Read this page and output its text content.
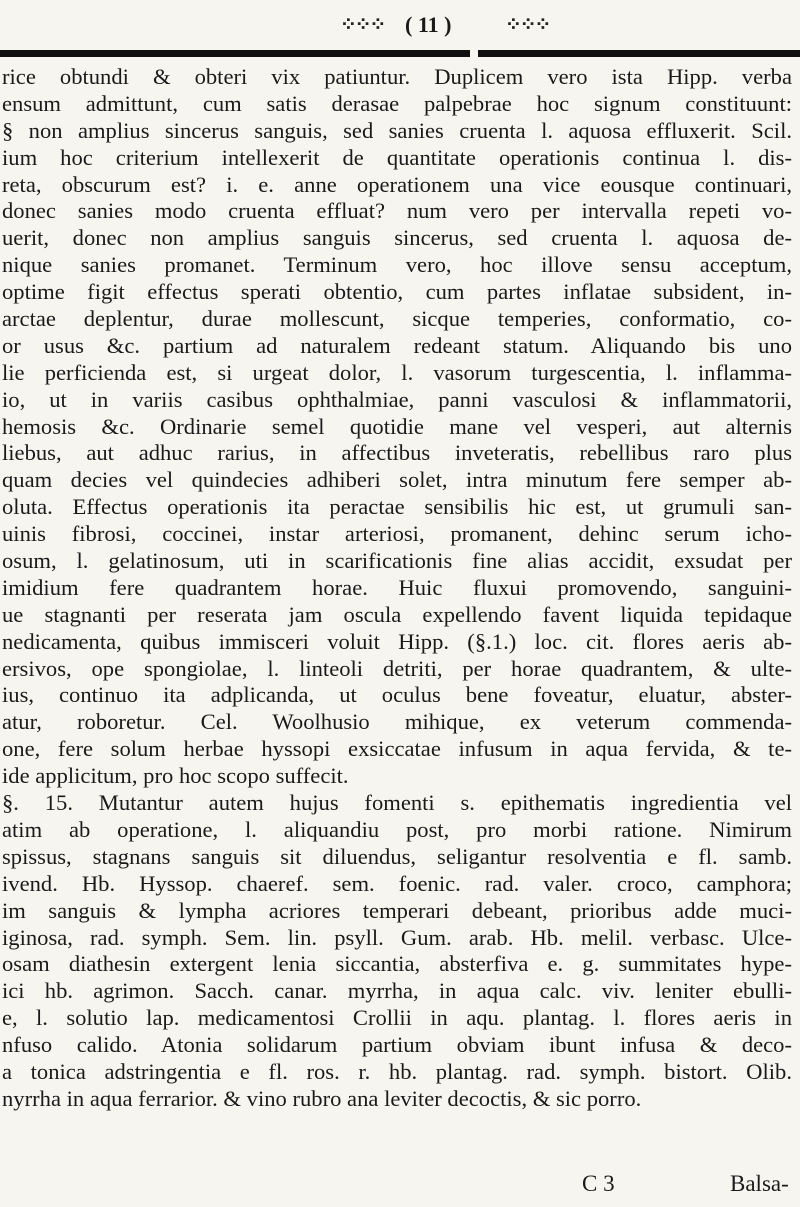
⁘⁘⁘ ( 11 )	⁘⁘⁘
rice obtundi & obteri vix patiuntur. Duplicem vero ista Hipp. verba
ensum admittunt, cum satis derasae palpebrae hoc signum constituunt:
§ non amplius sincerus sanguis, sed sanies cruenta l. aquosa effluxerit. Scil.
ium hoc criterium intellexerit de quantitate operationis continua l. dis-
reta, obscurum est? i. e. anne operationem una vice eousque continuari,
donec sanies modo cruenta effluat? num vero per intervalla repeti vo-
uerit, donec non amplius sanguis sincerus, sed cruenta l. aquosa de-
nique sanies promanet. Terminum vero, hoc illove sensu acceptum,
optime figit effectus sperati obtentio, cum partes inflatae subsident, in-
arctae deplentur, durae mollescunt, sicque temperies, conformatio, co-
or usus &c. partium ad naturalem redeant statum. Aliquando bis uno
lie perficienda est, si urgeat dolor, l. vasorum turgescentia, l. inflamma-
io, ut in variis casibus ophthalmiae, panni vasculosi & inflammatorii,
hemosis &c. Ordinarie semel quotidie mane vel vesperi, aut alternis
liebus, aut adhuc rarius, in affectibus inveteratis, rebellibus raro plus
quam decies vel quindecies adhiberi solet, intra minutum fere semper ab-
oluta. Effectus operationis ita peractae sensibilis hic est, ut grumuli san-
uinis fibrosi, coccinei, instar arteriosi, promanent, dehinc serum icho-
osum, l. gelatinosum, uti in scarificationis fine alias accidit, exsudat per
imidium fere quadrantem horae. Huic fluxui promovendo, sanguini-
ue stagnanti per reserata jam oscula expellendo favent liquida tepidaque
nedicamenta, quibus immisceri voluit Hipp. (§.1.) loc. cit. flores aeris ab-
ersivos, ope spongiolae, l. linteoli detriti, per horae quadrantem, & ulte-
ius, continuo ita adplicanda, ut oculus bene foveatur, eluatur, abster-
atur, roboretur. Cel. Woolhusio mihique, ex veterum commenda-
one, fere solum herbae hyssopi exsiccatae infusum in aqua fervida, & te-
ide applicitum, pro hoc scopo suffecit.
§. 15. Mutantur autem hujus fomenti s. epithematis ingredientia vel
atim ab operatione, l. aliquandiu post, pro morbi ratione. Nimirum
spissus, stagnans sanguis sit diluendus, seligantur resolventia e fl. samb.
ivend. Hb. Hyssop. chaeref. sem. foenic. rad. valer. croco, camphora;
im sanguis & lympha acriores temperari debeant, prioribus adde muci-
iginosa, rad. symph. Sem. lin. psyll. Gum. arab. Hb. melil. verbasc. Ulce-
osam diathesin extergent lenia siccantia, absterfiva e. g. summitates hype-
ici hb. agrimon. Sacch. canar. myrrha, in aqua calc. viv. leniter ebulli-
e, l. solutio lap. medicamentosi Crollii in aqu. plantag. l. flores aeris in
nfuso calido. Atonia solidarum partium obviam ibunt infusa & deco-
a tonica adstringentia e fl. ros. r. hb. plantag. rad. symph. bistort. Olib.
nyrrha in aqua ferrarior. & vino rubro ana leviter decoctis, & sic porro.
C 3	Balsa-
